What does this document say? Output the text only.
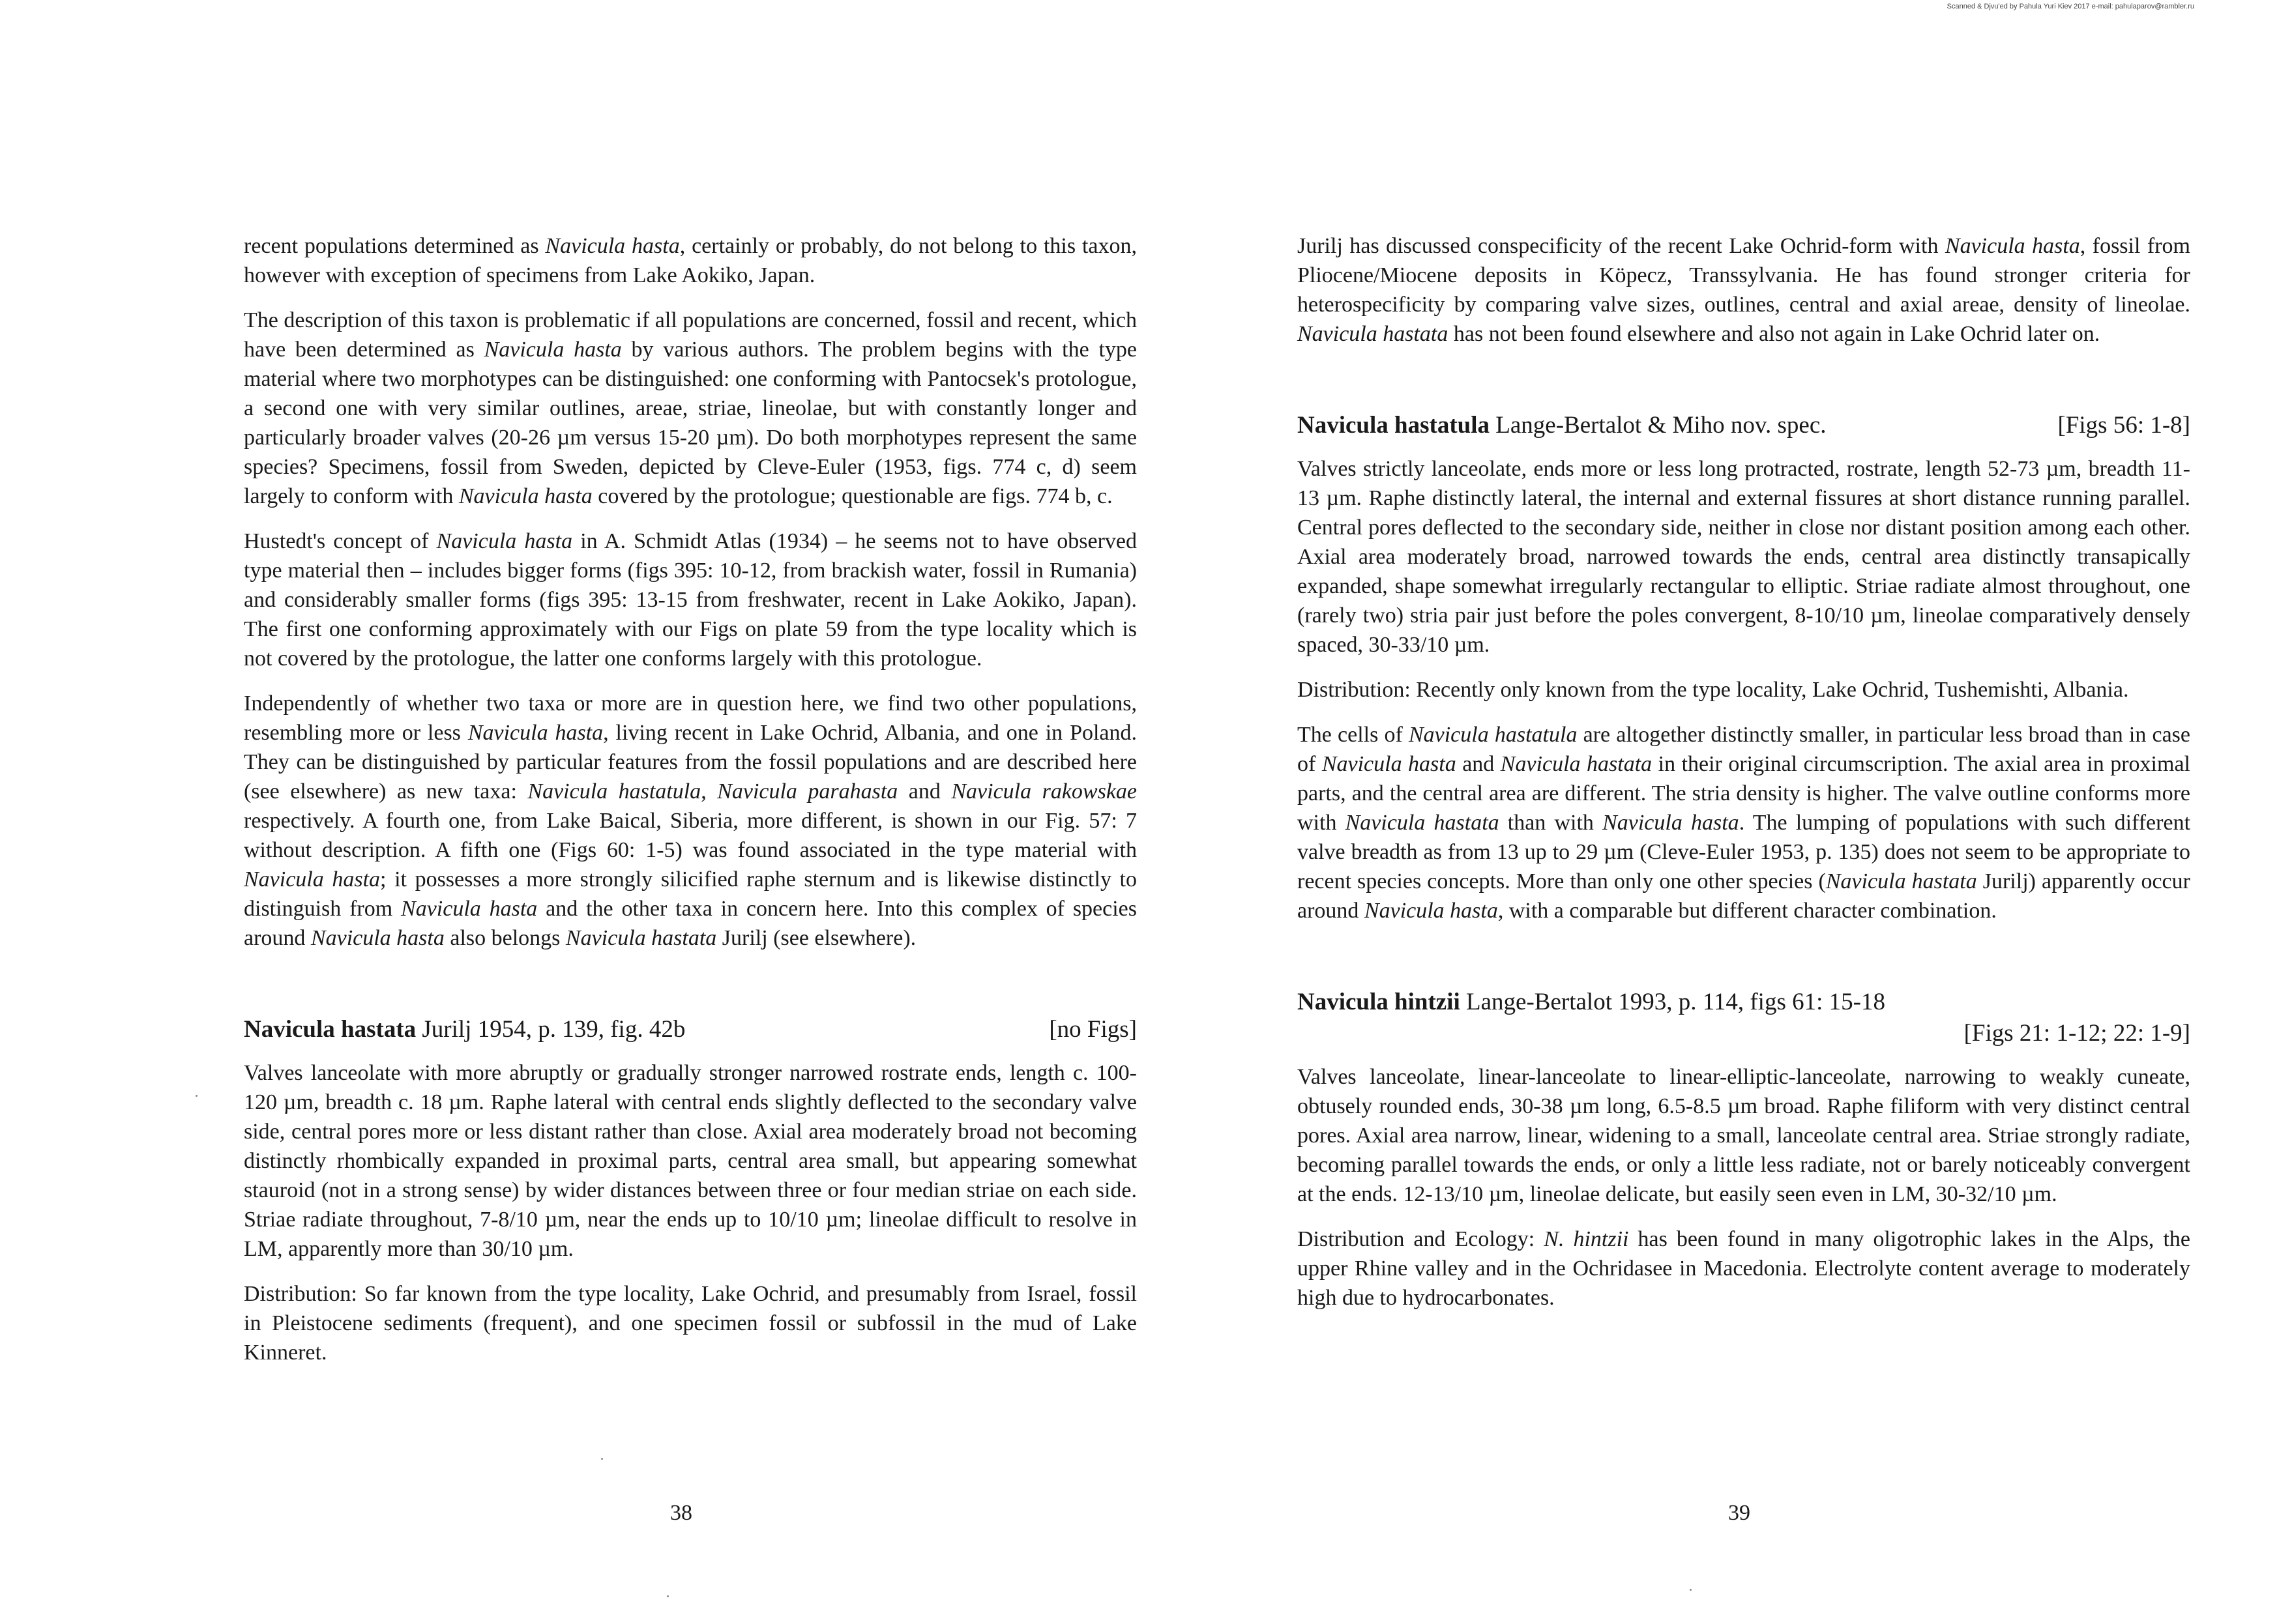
Scanned & Djvu'ed by Pahula Yuri Kiev 2017 e-mail: pahulaparov@rambler.ru

recent populations determined as Navicula hasta, certainly or probably, do not belong to this taxon, however with exception of specimens from Lake Aokiko, Japan.

The description of this taxon is problematic if all populations are concerned, fossil and recent, which have been determined as Navicula hasta by various authors. The problem begins with the type material where two morphotypes can be distinguished: one conforming with Pantocsek's protologue, a second one with very similar outlines, areae, striae, lineolae, but with constantly longer and particularly broader valves (20-26 µm versus 15-20 µm). Do both morphotypes represent the same species? Specimens, fossil from Sweden, depicted by Cleve-Euler (1953, figs. 774 c, d) seem largely to conform with Navicula hasta covered by the protologue; questionable are figs. 774 b, c.

Hustedt's concept of Navicula hasta in A. Schmidt Atlas (1934) – he seems not to have observed type material then – includes bigger forms (figs 395: 10-12, from brackish water, fossil in Rumania) and considerably smaller forms (figs 395: 13-15 from freshwater, recent in Lake Aokiko, Japan). The first one conforming approximately with our Figs on plate 59 from the type locality which is not covered by the protologue, the latter one conforms largely with this protologue.

Independently of whether two taxa or more are in question here, we find two other populations, resembling more or less Navicula hasta, living recent in Lake Ochrid, Albania, and one in Poland. They can be distinguished by particular features from the fossil populations and are described here (see elsewhere) as new taxa: Navicula hastatula, Navicula parahasta and Navicula rakowskae respectively. A fourth one, from Lake Baical, Siberia, more different, is shown in our Fig. 57: 7 without description. A fifth one (Figs 60: 1-5) was found associated in the type material with Navicula hasta; it possesses a more strongly silicified raphe sternum and is likewise distinctly to distinguish from Navicula hasta and the other taxa in concern here. Into this complex of species around Navicula hasta also belongs Navicula hastata Jurilj (see elsewhere).

Navicula hastata Jurilj 1954, p. 139, fig. 42b	[no Figs]

Valves lanceolate with more abruptly or gradually stronger narrowed rostrate ends, length c. 100-120 µm, breadth c. 18 µm. Raphe lateral with central ends slightly deflected to the secondary valve side, central pores more or less distant rather than close. Axial area moderately broad not becoming distinctly rhombically expanded in proximal parts, central area small, but appearing somewhat stauroid (not in a strong sense) by wider distances between three or four median striae on each side. Striae radiate throughout, 7-8/10 µm, near the ends up to 10/10 µm; lineolae difficult to resolve in LM, apparently more than 30/10 µm.

Distribution: So far known from the type locality, Lake Ochrid, and presumably from Israel, fossil in Pleistocene sediments (frequent), and one specimen fossil or subfossil in the mud of Lake Kinneret.

38

Jurilj has discussed conspecificity of the recent Lake Ochrid-form with Navicula hasta, fossil from Pliocene/Miocene deposits in Köpecz, Transsylvania. He has found stronger criteria for heterospecificity by comparing valve sizes, outlines, central and axial areae, density of lineolae. Navicula hastata has not been found elsewhere and also not again in Lake Ochrid later on.

Navicula hastatula Lange-Bertalot & Miho nov. spec.	[Figs 56: 1-8]

Valves strictly lanceolate, ends more or less long protracted, rostrate, length 52-73 µm, breadth 11-13 µm. Raphe distinctly lateral, the internal and external fissures at short distance running parallel. Central pores deflected to the secondary side, neither in close nor distant position among each other. Axial area moderately broad, narrowed towards the ends, central area distinctly transapically expanded, shape somewhat irregularly rectangular to elliptic. Striae radiate almost throughout, one (rarely two) stria pair just before the poles convergent, 8-10/10 µm, lineolae comparatively densely spaced, 30-33/10 µm.

Distribution: Recently only known from the type locality, Lake Ochrid, Tushemishti, Albania.

The cells of Navicula hastatula are altogether distinctly smaller, in particular less broad than in case of Navicula hasta and Navicula hastata in their original circumscription. The axial area in proximal parts, and the central area are different. The stria density is higher. The valve outline conforms more with Navicula hastata than with Navicula hasta. The lumping of populations with such different valve breadth as from 13 up to 29 µm (Cleve-Euler 1953, p. 135) does not seem to be appropriate to recent species concepts. More than only one other species (Navicula hastata Jurilj) apparently occur around Navicula hasta, with a comparable but different character combination.

Navicula hintzii Lange-Bertalot 1993, p. 114, figs 61: 15-18
[Figs 21: 1-12; 22: 1-9]

Valves lanceolate, linear-lanceolate to linear-elliptic-lanceolate, narrowing to weakly cuneate, obtusely rounded ends, 30-38 µm long, 6.5-8.5 µm broad. Raphe filiform with very distinct central pores. Axial area narrow, linear, widening to a small, lanceolate central area. Striae strongly radiate, becoming parallel towards the ends, or only a little less radiate, not or barely noticeably convergent at the ends. 12-13/10 µm, lineolae delicate, but easily seen even in LM, 30-32/10 µm.

Distribution and Ecology: N. hintzii has been found in many oligotrophic lakes in the Alps, the upper Rhine valley and in the Ochridasee in Macedonia. Electrolyte content average to moderately high due to hydrocarbonates.

39
